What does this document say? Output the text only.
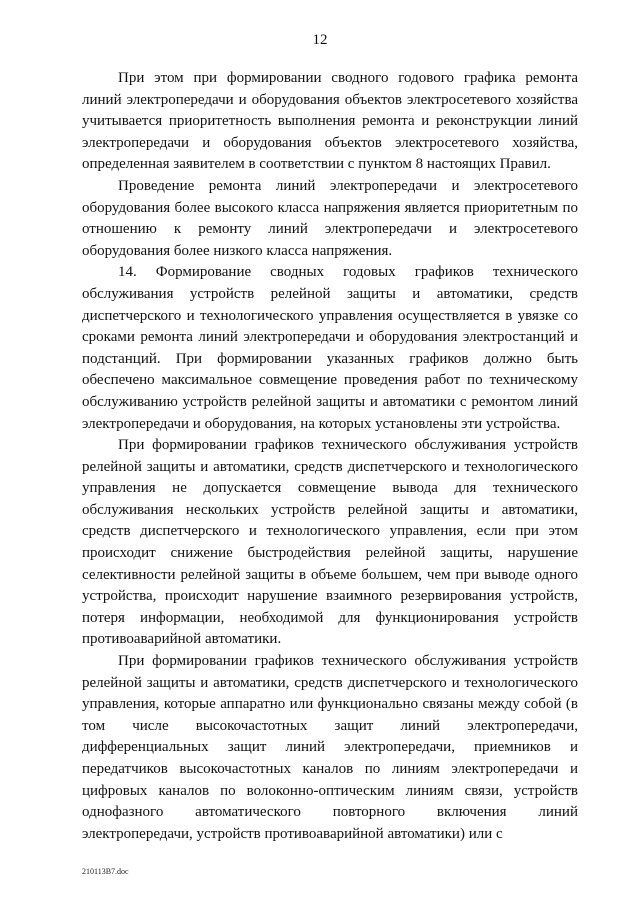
12

При этом при формировании сводного годового графика ремонта линий электропередачи и оборудования объектов электросетевого хозяйства учитывается приоритетность выполнения ремонта и реконструкции линий электропередачи и оборудования объектов электросетевого хозяйства, определенная заявителем в соответствии с пунктом 8 настоящих Правил.

Проведение ремонта линий электропередачи и электросетевого оборудования более высокого класса напряжения является приоритетным по отношению к ремонту линий электропередачи и электросетевого оборудования более низкого класса напряжения.

14. Формирование сводных годовых графиков технического обслуживания устройств релейной защиты и автоматики, средств диспетчерского и технологического управления осуществляется в увязке со сроками ремонта линий электропередачи и оборудования электростанций и подстанций. При формировании указанных графиков должно быть обеспечено максимальное совмещение проведения работ по техническому обслуживанию устройств релейной защиты и автоматики с ремонтом линий электропередачи и оборудования, на которых установлены эти устройства.

При формировании графиков технического обслуживания устройств релейной защиты и автоматики, средств диспетчерского и технологического управления не допускается совмещение вывода для технического обслуживания нескольких устройств релейной защиты и автоматики, средств диспетчерского и технологического управления, если при этом происходит снижение быстродействия релейной защиты, нарушение селективности релейной защиты в объеме большем, чем при выводе одного устройства, происходит нарушение взаимного резервирования устройств, потеря информации, необходимой для функционирования устройств противоаварийной автоматики.

При формировании графиков технического обслуживания устройств релейной защиты и автоматики, средств диспетчерского и технологического управления, которые аппаратно или функционально связаны между собой (в том числе высокочастотных защит линий электропередачи, дифференциальных защит линий электропередачи, приемников и передатчиков высокочастотных каналов по линиям электропередачи и цифровых каналов по волоконно-оптическим линиям связи, устройств однофазного автоматического повторного включения линий электропередачи, устройств противоаварийной автоматики) или с

210113В7.doc
